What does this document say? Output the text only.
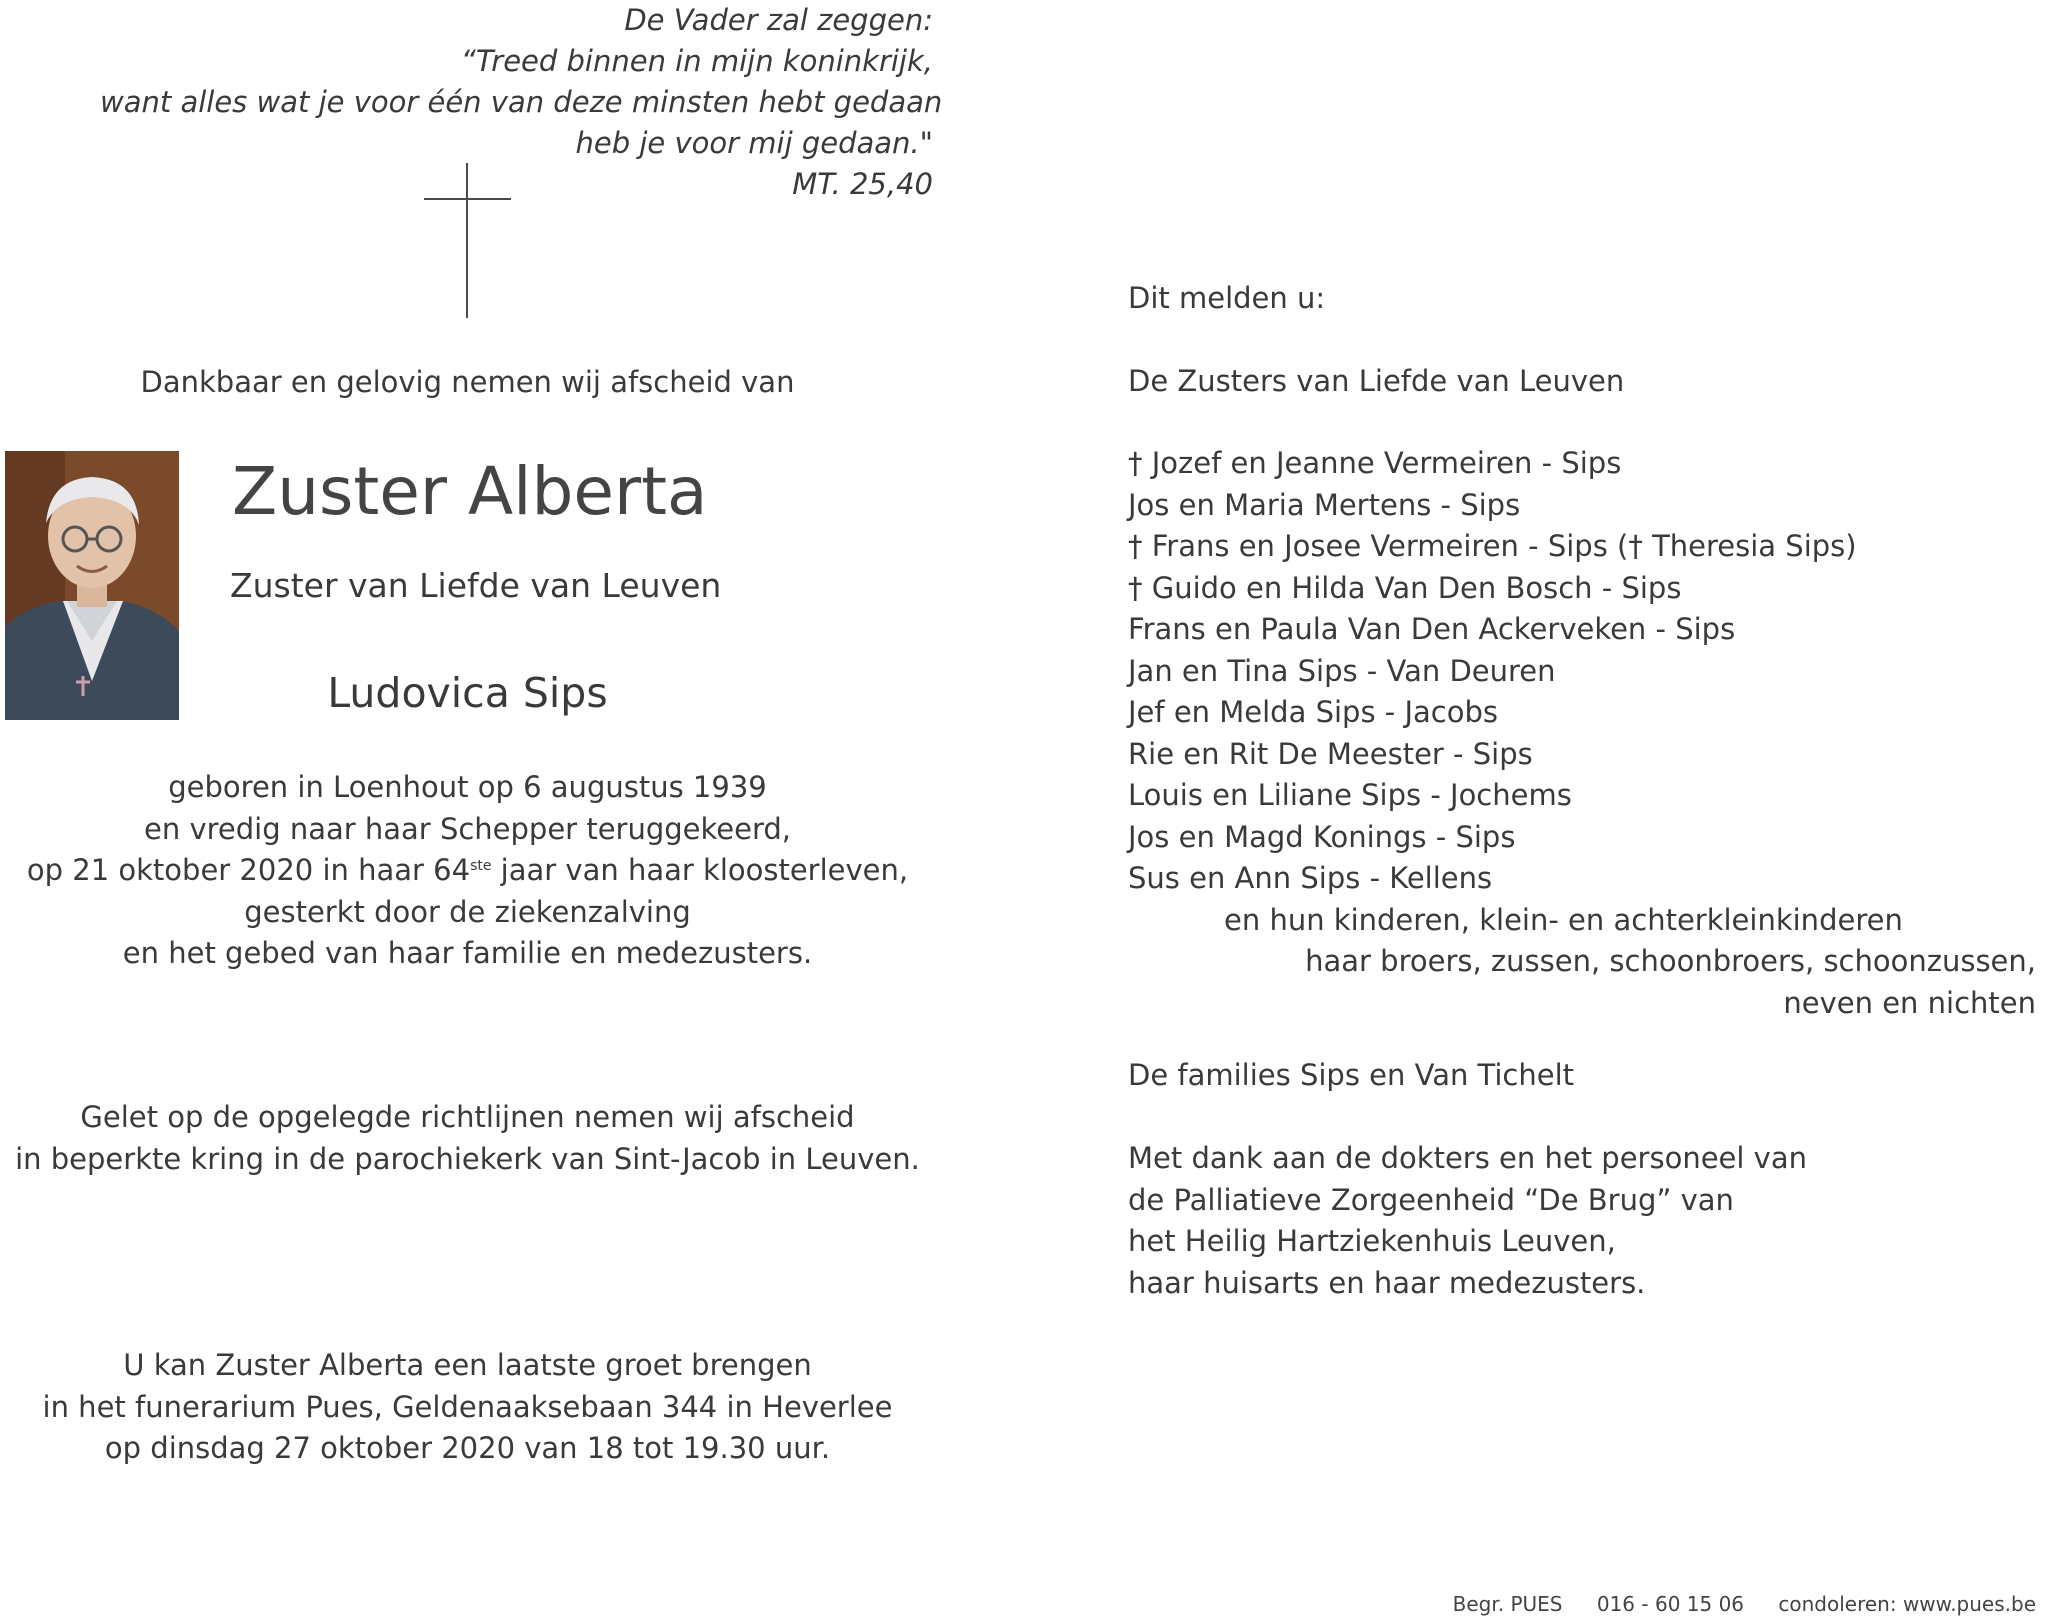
De Vader zal zeggen:
“Treed binnen in mijn koninkrijk,
want alles wat je voor één van deze minsten hebt gedaan
heb je voor mij gedaan."
MT. 25,40
Dankbaar en gelovig nemen wij afscheid van
Zuster Alberta
Zuster van Liefde van Leuven
Ludovica Sips
geboren in Loenhout op 6 augustus 1939
en vredig naar haar Schepper teruggekeerd,
op 21 oktober 2020 in haar 64ste jaar van haar kloosterleven,
gesterkt door de ziekenzalving
en het gebed van haar familie en medezusters.
Gelet op de opgelegde richtlijnen nemen wij afscheid
in beperkte kring in de parochiekerk van Sint-Jacob in Leuven.
U kan Zuster Alberta een laatste groet brengen
in het funerarium Pues, Geldenaaksebaan 344 in Heverlee
op dinsdag 27 oktober 2020 van 18 tot 19.30 uur.
Dit melden u:
De Zusters van Liefde van Leuven
† Jozef en Jeanne Vermeiren - Sips
Jos en Maria Mertens - Sips
† Frans en Josee Vermeiren - Sips († Theresia Sips)
† Guido en Hilda Van Den Bosch - Sips
Frans en Paula Van Den Ackerveken - Sips
Jan en Tina Sips - Van Deuren
Jef en Melda Sips - Jacobs
Rie en Rit De Meester - Sips
Louis en Liliane Sips - Jochems
Jos en Magd Konings - Sips
Sus en Ann Sips - Kellens
en hun kinderen, klein- en achterkleinkinderen
haar broers, zussen, schoonbroers, schoonzussen,
neven en nichten
De families Sips en Van Tichelt
Met dank aan de dokters en het personeel van
de Palliatieve Zorgeenheid “De Brug” van
het Heilig Hartziekenhuis Leuven,
haar huisarts en haar medezusters.
Begr. PUES 016 - 60 15 06 condoleren: www.pues.be
